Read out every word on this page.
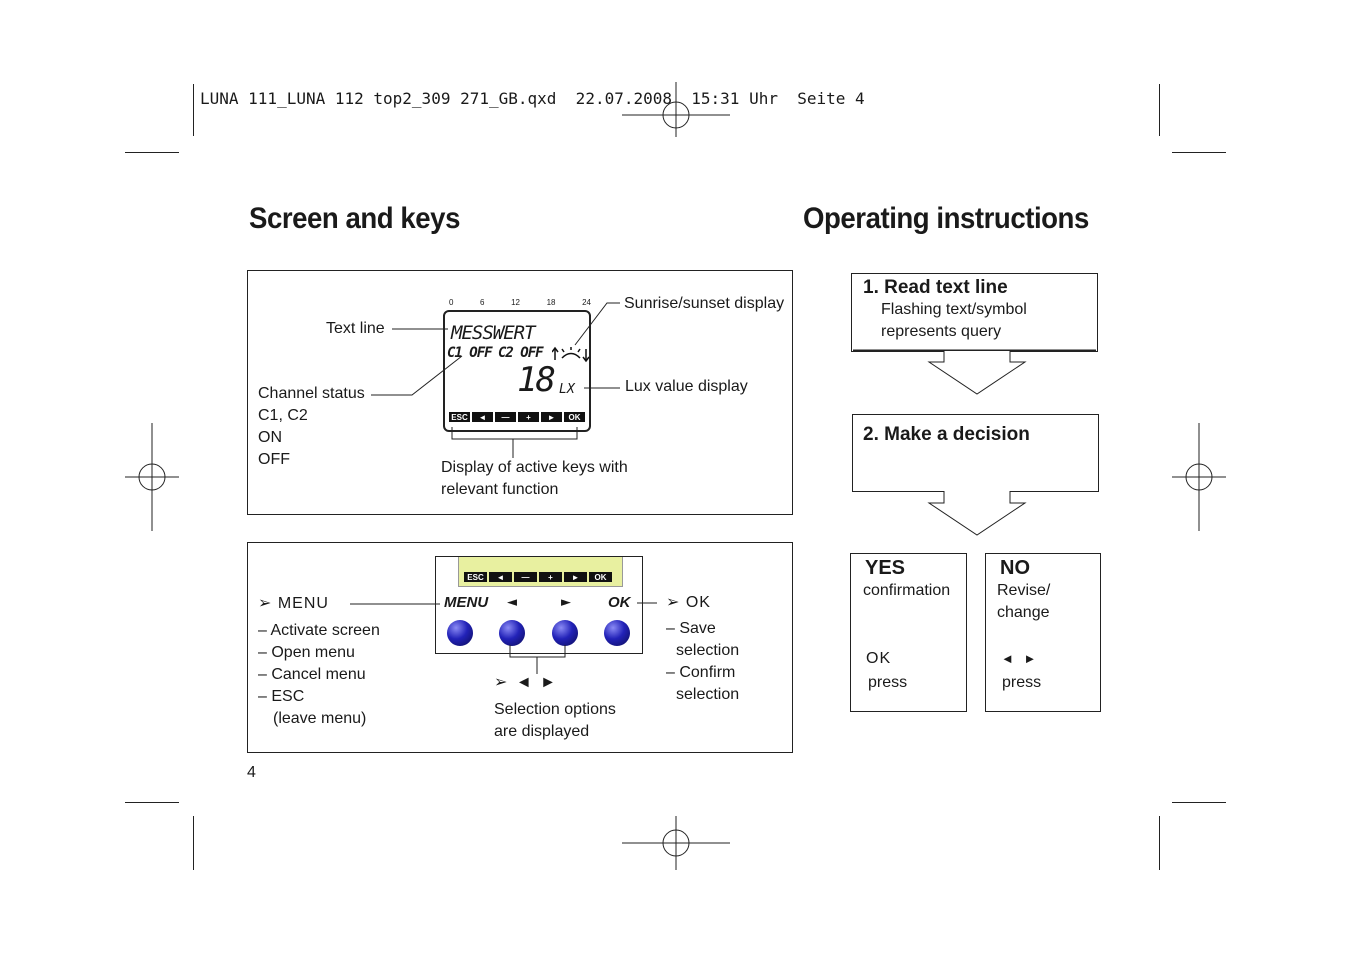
LUNA 111_LUNA 112 top2_309 271_GB.qxd  22.07.2008  15:31 Uhr  Seite 4
Screen and keys	Operating instructions
0	6	12	18	24
MESSWERT
C1 OFF C2 OFF
18 LX
ESC	◄	—	+	►	OK
Text line
Sunrise/sunset display
Channel status
C1, C2
ON
OFF
Lux value display
Display of active keys with
relevant function
ESC	◄	—	+	►	OK
MENU ◄	► OK
➢ MENU
– Activate screen
– Open menu
– Cancel menu
– ESC
(leave menu)
➢ OK
– Save
selection
– Confirm
selection
➢ ◄ ►
Selection options
are displayed
4
1. Read text line
Flashing text/symbol
represents query
2. Make a decision
YES
confirmation
OK
press
NO
Revise/
change
◄ ►
press
